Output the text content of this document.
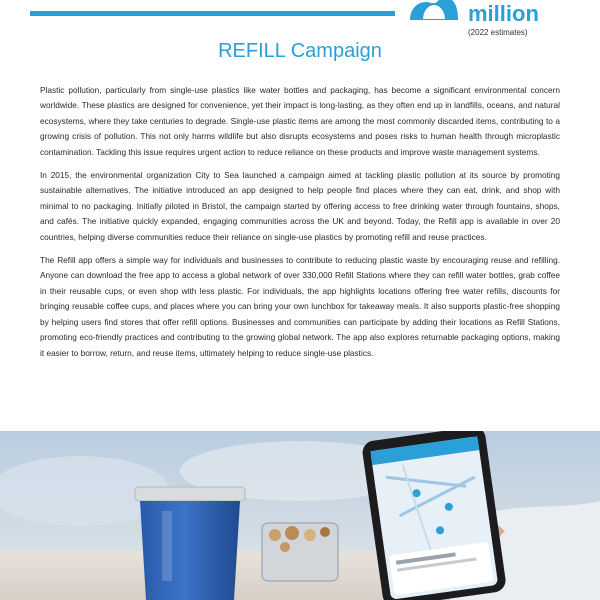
million
(2022 estimates)
REFILL Campaign

Plastic pollution, particularly from single-use plastics like water bottles and packaging, has become a significant environmental concern worldwide. These plastics are designed for convenience, yet their impact is long-lasting, as they often end up in landfills, oceans, and natural ecosystems, where they take centuries to degrade. Single-use plastic items are among the most commonly discarded items, contributing to a growing crisis of pollution. This not only harms wildlife but also disrupts ecosystems and poses risks to human health through microplastic contamination. Tackling this issue requires urgent action to reduce reliance on these products and improve waste management systems.

In 2015, the environmental organization City to Sea launched a campaign aimed at tackling plastic pollution at its source by promoting sustainable alternatives. The initiative introduced an app designed to help people find places where they can eat, drink, and shop with minimal to no packaging. Initially piloted in Bristol, the campaign started by offering access to free drinking water through fountains, shops, and cafés. The initiative quickly expanded, engaging communities across the UK and beyond. Today, the Refill app is available in over 20 countries, helping diverse communities reduce their reliance on single-use plastics by promoting refill and reuse practices.

The Refill app offers a simple way for individuals and businesses to contribute to reducing plastic waste by encouraging reuse and refilling. Anyone can download the free app to access a global network of over 330,000 Refill Stations where they can refill water bottles, grab coffee in their reusable cups, or even shop with less plastic. For individuals, the app highlights locations offering free water refills, discounts for bringing reusable coffee cups, and places where you can bring your own lunchbox for takeaway meals. It also supports plastic-free shopping by helping users find stores that offer refill options. Businesses and communities can participate by adding their locations as Refill Stations, promoting eco-friendly practices and contributing to the growing global network. The app also explores returnable packaging options, making it easier to borrow, return, and reuse items, ultimately helping to reduce single-use plastics.
